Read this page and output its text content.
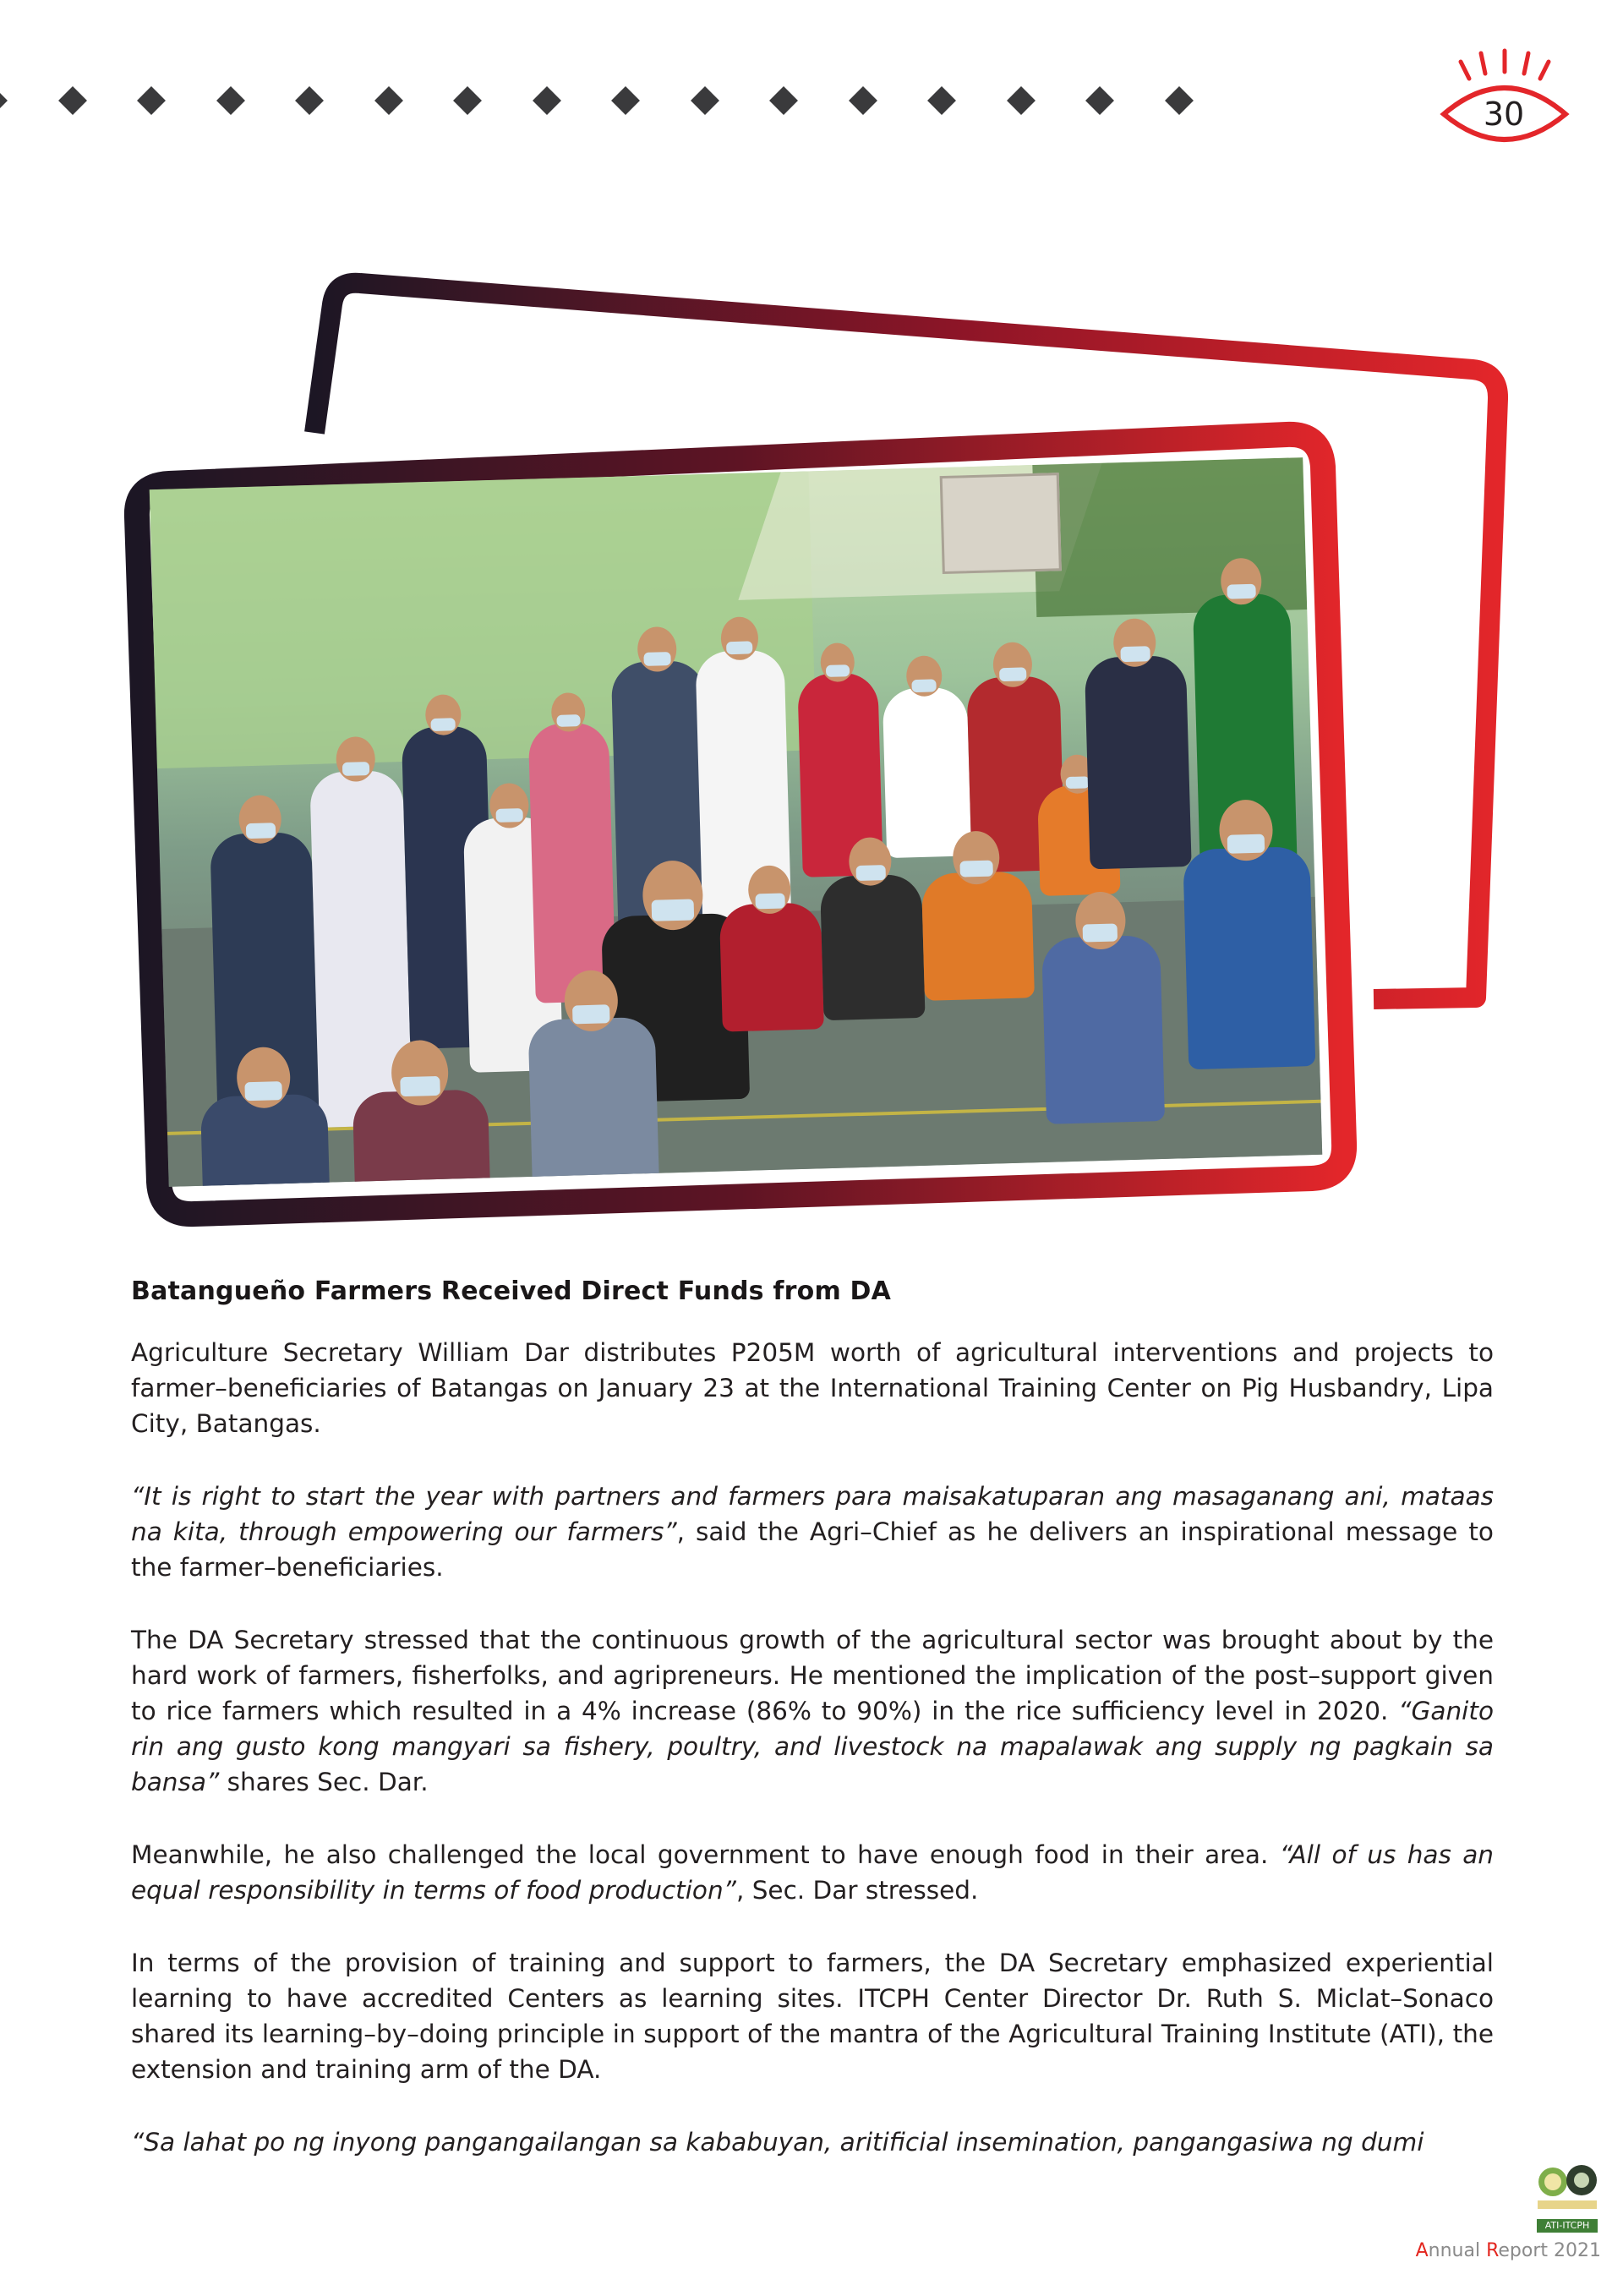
30
Batangueño Farmers Received Direct Funds from DA

Agriculture Secretary William Dar distributes P205M worth of agricultural interventions and projects to farmer–beneficiaries of Batangas on January 23 at the International Training Center on Pig Husbandry, Lipa City, Batangas.

“It is right to start the year with partners and farmers para maisakatuparan ang masaganang ani, mataas na kita, through empowering our farmers”, said the Agri–Chief as he delivers an inspirational message to the farmer–beneficiaries.

The DA Secretary stressed that the continuous growth of the agricultural sector was brought about by the hard work of farmers, fisherfolks, and agripreneurs. He mentioned the implication of the post–support given to rice farmers which resulted in a 4% increase (86% to 90%) in the rice sufficiency level in 2020. “Ganito rin ang gusto kong mangyari sa fishery, poultry, and livestock na mapalawak ang supply ng pagkain sa bansa” shares Sec. Dar.

Meanwhile, he also challenged the local government to have enough food in their area. “All of us has an equal responsibility in terms of food production”, Sec. Dar stressed.

In terms of the provision of training and support to farmers, the DA Secretary emphasized experiential learning to have accredited Centers as learning sites. ITCPH Center Director Dr. Ruth S. Miclat–Sonaco shared its learning–by–doing principle in support of the mantra of the Agricultural Training Institute (ATI), the extension and training arm of the DA.

“Sa lahat po ng inyong pangangailangan sa kababuyan, aritificial insemination, pangangasiwa ng dumi

ATI-ITCPH
Annual Report 2021
